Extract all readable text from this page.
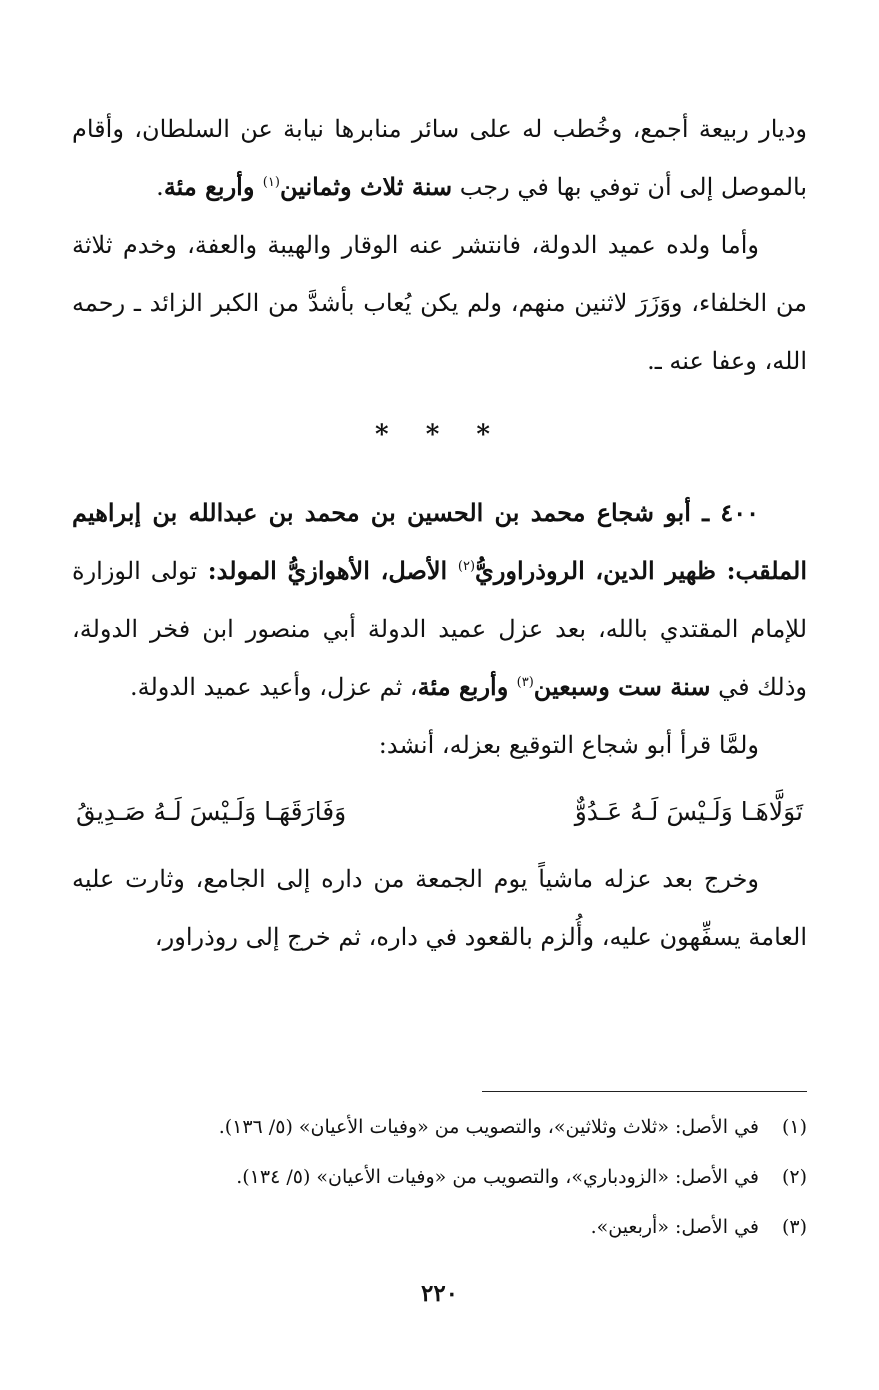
وديار ربيعة أجمع، وخُطب له على سائر منابرها نيابة عن السلطان، وأقام بالموصل إلى أن توفي بها في رجب سنة ثلاث وثمانين$^{(١)}$ وأربع مئة.

وأما ولده عميد الدولة، فانتشر عنه الوقار والهيبة والعفة، وخدم ثلاثة من الخلفاء، ووَزَرَ لاثنين منهم، ولم يكن يُعاب بأشدَّ من الكبر الزائد ـ رحمه الله، وعفا عنه ـ.

* * *

٤٠٠ ـ أبو شجاع محمد بن الحسين بن محمد بن عبدالله بن إبراهيم الملقب: ظهير الدين، الروذراوريُّ$^{(٢)}$ الأصل، الأهوازيُّ المولد: تولى الوزارة للإمام المقتدي بالله، بعد عزل عميد الدولة أبي منصور ابن فخر الدولة، وذلك في سنة ست وسبعين$^{(٣)}$ وأربع مئة، ثم عزل، وأعيد عميد الدولة.

ولمَّا قرأ أبو شجاع التوقيع بعزله، أنشد:

تَوَلَّاهَـا وَلَـيْسَ لَـهُ عَـدُوٌّ
وَفَارَقَهَـا وَلَـيْسَ لَـهُ صَـدِيقُ

وخرج بعد عزله ماشياً يوم الجمعة من داره إلى الجامع، وثارت عليه العامة يسفِّهون عليه، وأُلزم بالقعود في داره، ثم خرج إلى روذراور،

(١)
في الأصل: «ثلاث وثلاثين»، والتصويب من «وفيات الأعيان» (٥/ ١٣٦).
(٢)
في الأصل: «الزودباري»، والتصويب من «وفيات الأعيان» (٥/ ١٣٤).
(٣)
في الأصل: «أربعين».
٢٢٠
